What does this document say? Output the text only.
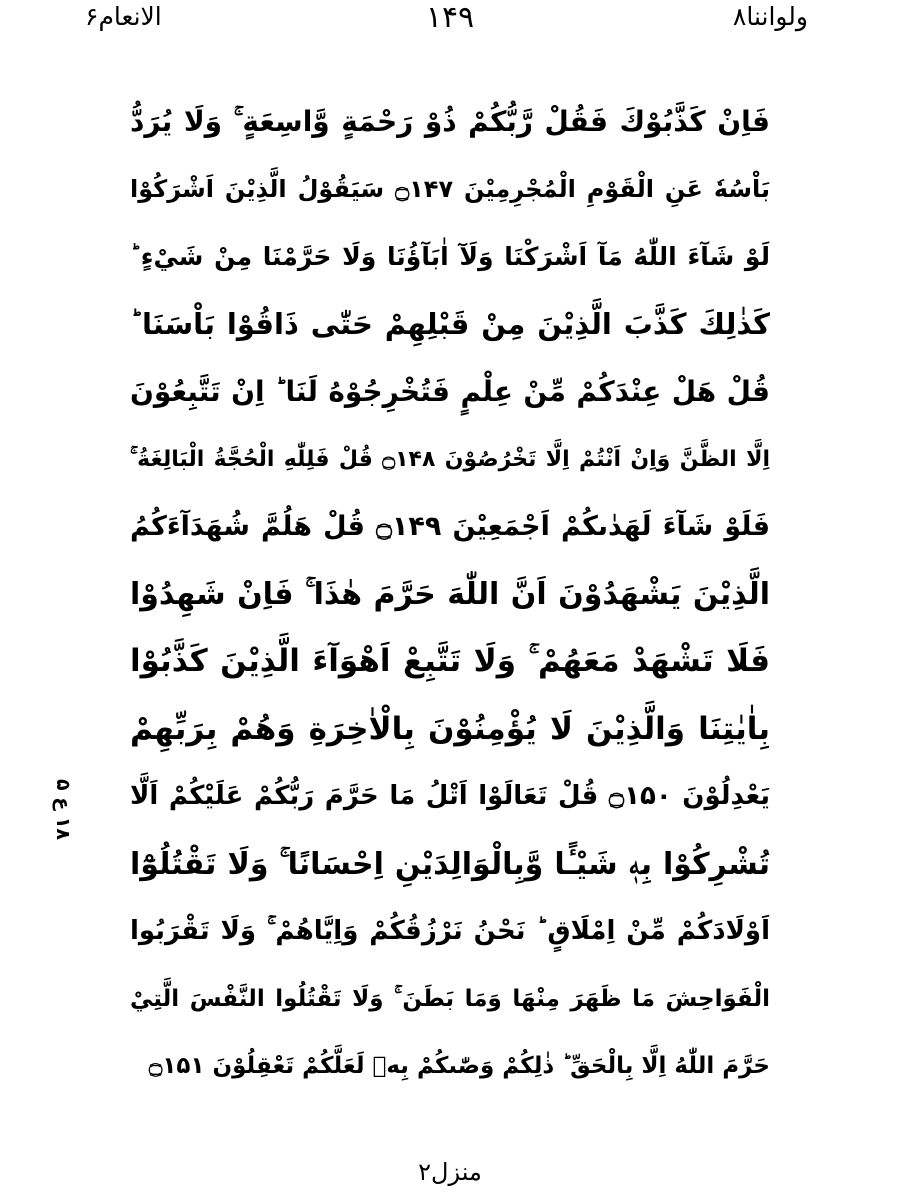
الانعام۶	۱۴۹	ولواننا۸
فَاِنْ كَذَّبُوْكَ فَقُلْ رَّبُّكُمْ ذُوْ رَحْمَةٍ وَّاسِعَةٍ ۚ وَلَا يُرَدُّ
بَاْسُهٗ عَنِ الْقَوْمِ الْمُجْرِمِيْنَ ۝۱۴۷ سَيَقُوْلُ الَّذِيْنَ اَشْرَكُوْا
لَوْ شَآءَ اللّٰهُ مَآ اَشْرَكْنَا وَلَآ اٰبَآؤُنَا وَلَا حَرَّمْنَا مِنْ شَيْءٍ ؕ
كَذٰلِكَ كَذَّبَ الَّذِيْنَ مِنْ قَبْلِهِمْ حَتّٰى ذَاقُوْا بَاْسَنَا ؕ
قُلْ هَلْ عِنْدَكُمْ مِّنْ عِلْمٍ فَتُخْرِجُوْهُ لَنَا ؕ اِنْ تَتَّبِعُوْنَ
اِلَّا الظَّنَّ وَاِنْ اَنْتُمْ اِلَّا تَخْرُصُوْنَ ۝۱۴۸ قُلْ فَلِلّٰهِ الْحُجَّةُ الْبَالِغَةُ ۚ
فَلَوْ شَآءَ لَهَدٰىكُمْ اَجْمَعِيْنَ ۝۱۴۹ قُلْ هَلُمَّ شُهَدَآءَكُمُ
الَّذِيْنَ يَشْهَدُوْنَ اَنَّ اللّٰهَ حَرَّمَ هٰذَا ۚ فَاِنْ شَهِدُوْا
فَلَا تَشْهَدْ مَعَهُمْ ۚ وَلَا تَتَّبِعْ اَهْوَآءَ الَّذِيْنَ كَذَّبُوْا
بِاٰيٰتِنَا وَالَّذِيْنَ لَا يُؤْمِنُوْنَ بِالْاٰخِرَةِ وَهُمْ بِرَبِّهِمْ
يَعْدِلُوْنَ ۝۱۵۰ قُلْ تَعَالَوْا اَتْلُ مَا حَرَّمَ رَبُّكُمْ عَلَيْكُمْ اَلَّا
تُشْرِكُوْا بِهٖ شَيْـًٔا وَّبِالْوَالِدَيْنِ اِحْسَانًا ۚ وَلَا تَقْتُلُوْٓا
اَوْلَادَكُمْ مِّنْ اِمْلَاقٍ ؕ نَحْنُ نَرْزُقُكُمْ وَاِيَّاهُمْ ۚ وَلَا تَقْرَبُوا
الْفَوَاحِشَ مَا ظَهَرَ مِنْهَا وَمَا بَطَنَ ۚ وَلَا تَقْتُلُوا النَّفْسَ الَّتِيْ
حَرَّمَ اللّٰهُ اِلَّا بِالْحَقِّ ؕ ذٰلِكُمْ وَصّٰىكُمْ بِهٖ لَعَلَّكُمْ تَعْقِلُوْنَ ۝۱۵۱
۱۸ ع ۵
منزل۲
